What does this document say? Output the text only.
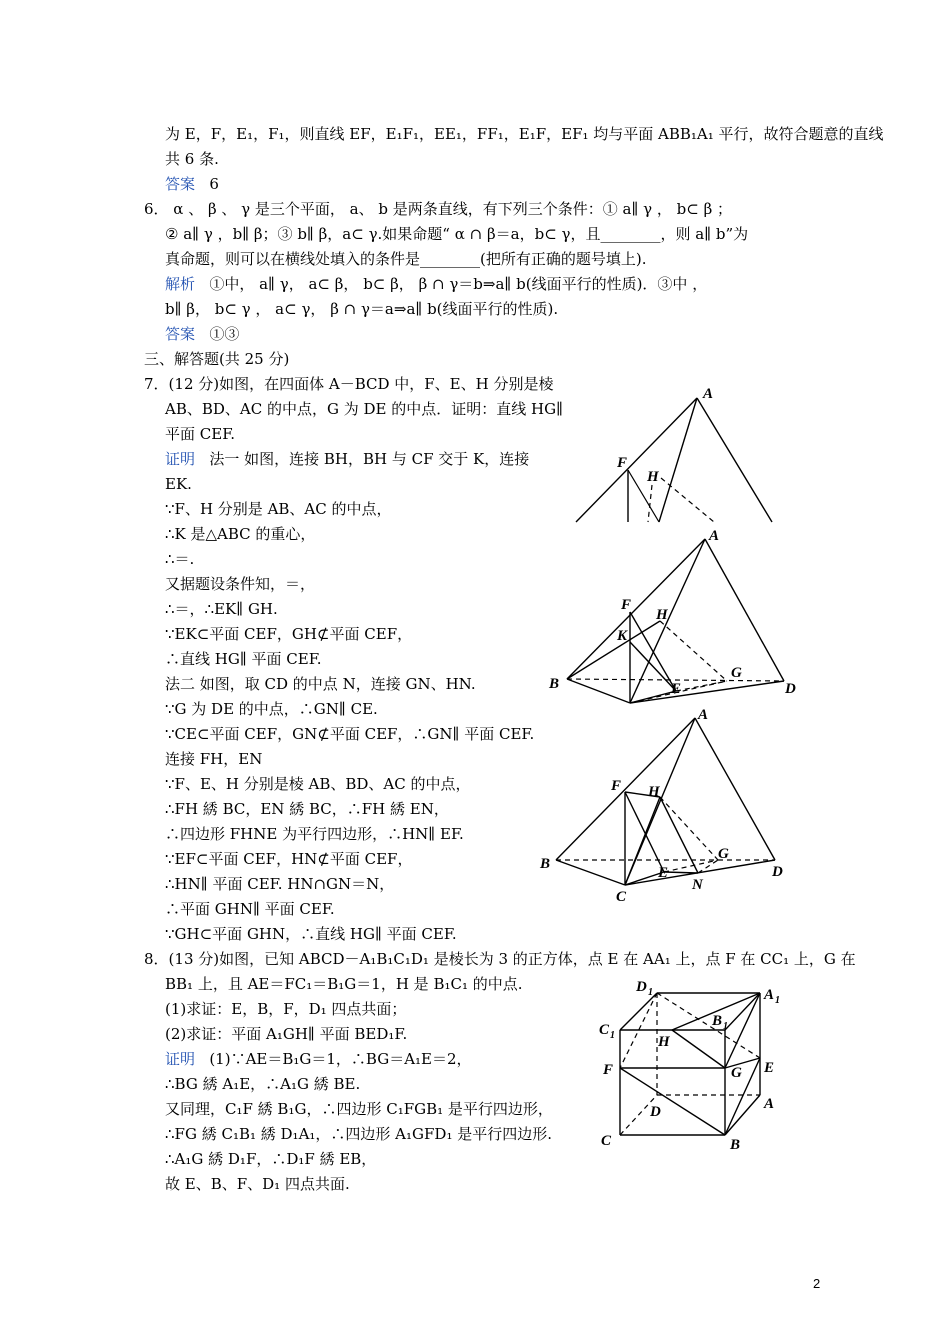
为 E，F，E₁，F₁，则直线 EF，E₁F₁，EE₁，FF₁，E₁F，EF₁ 均与平面 ABB₁A₁ 平行，故符合题意的直线
共 6 条.
答案 6
6． α 、 β 、 γ 是三个平面， a、 b 是两条直线，有下列三个条件：① a∥ γ ， b⊂ β ；
② a∥ γ ，b∥ β；③ b∥ β，a⊂ γ.如果命题“ α ∩ β＝a，b⊂ γ，且________，则 a∥ b”为
真命题，则可以在横线处填入的条件是________(把所有正确的题号填上).
解析 ①中， a∥ γ， a⊂ β， b⊂ β， β ∩ γ＝b⇒a∥ b(线面平行的性质)．③中 ，
b∥ β， b⊂ γ ， a⊂ γ， β ∩ γ＝a⇒a∥ b(线面平行的性质).
答案 ①③
三、解答题(共 25 分)
7．(12 分)如图，在四面体 A－BCD 中，F、E、H 分别是棱
AB、BD、AC 的中点，G 为 DE 的中点．证明：直线 HG∥
平面 CEF.
证明 法一 如图，连接 BH，BH 与 CF 交于 K，连接
EK.
∵F、H 分别是 AB、AC 的中点，
∴K 是△ABC 的重心，
∴＝.
又据题设条件知，＝，
∴＝，∴EK∥ GH.
∵EK⊂平面 CEF，GH⊄平面 CEF，
∴直线 HG∥ 平面 CEF.
法二 如图，取 CD 的中点 N，连接 GN、HN.
∵G 为 DE 的中点，∴GN∥ CE.
∵CE⊂平面 CEF，GN⊄平面 CEF，∴GN∥ 平面 CEF.
连接 FH，EN
∵F、E、H 分别是棱 AB、BD、AC 的中点，
∴FH 綉 BC，EN 綉 BC，∴FH 綉 EN，
∴四边形 FHNE 为平行四边形，∴HN∥ EF.
∵EF⊂平面 CEF，HN⊄平面 CEF，
∴HN∥ 平面 CEF. HN∩GN＝N，
∴平面 GHN∥ 平面 CEF.
∵GH⊂平面 GHN，∴直线 HG∥ 平面 CEF.
8．(13 分)如图，已知 ABCD－A₁B₁C₁D₁ 是棱长为 3 的正方体，点 E 在 AA₁ 上，点 F 在 CC₁ 上，G 在
BB₁ 上，且 AE＝FC₁＝B₁G＝1，H 是 B₁C₁ 的中点.
(1)求证：E，B，F，D₁ 四点共面；
(2)求证：平面 A₁GH∥ 平面 BED₁F.
证明 (1)∵AE＝B₁G＝1，∴BG＝A₁E＝2，
∴BG 綉 A₁E，∴A₁G 綉 BE.
又同理，C₁F 綉 B₁G，∴四边形 C₁FGB₁ 是平行四边形，
∴FG 綉 C₁B₁ 綉 D₁A₁，∴四边形 A₁GFD₁ 是平行四边形.
∴A₁G 綉 D₁F，∴D₁F 綉 EB，
故 E、B、F、D₁ 四点共面.
A
F
H
A
F
H
K
G
B	E	D
A
F H
G
B
E	D
C
N
D 1	A 1
B 1
C 1	H
F	G E
D	A
C	B
2
